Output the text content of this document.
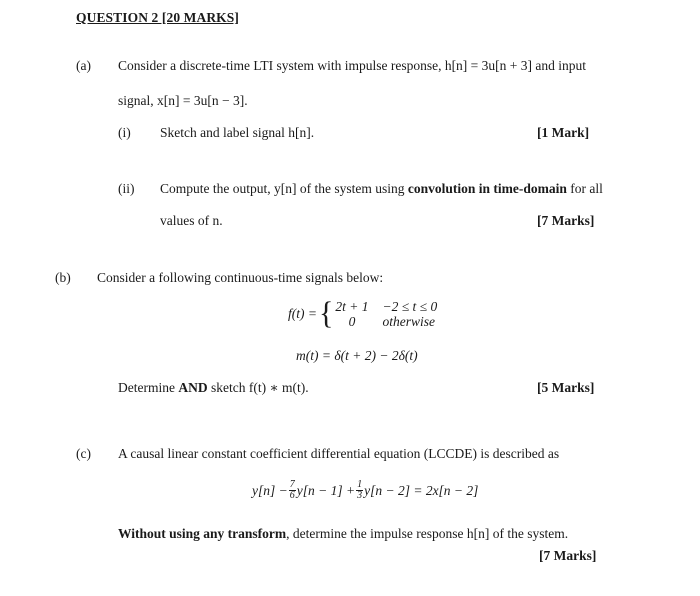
QUESTION 2 [20 MARKS]
(a) Consider a discrete-time LTI system with impulse response, h[n] = 3u[n + 3] and input
signal, x[n] = 3u[n − 3].
(i) Sketch and label signal h[n].	[1 Mark]
(ii) Compute the output, y[n] of the system using convolution in time-domain for all
values of n.	[7 Marks]
(b) Consider a following continuous-time signals below:
f(t) = { 2t + 1 −2 ≤ t ≤ 0
0	otherwise
m(t) = δ(t + 2) − 2δ(t)
Determine AND sketch f(t) ∗ m(t).	[5 Marks]
(c) A causal linear constant coefficient differential equation (LCCDE) is described as
$y[n] - \frac{7}{6} y[n - 1] + \frac{1}{3} y[n - 2] = 2x[n - 2]$
Without using any transform, determine the impulse response h[n] of the system.
[7 Marks]
